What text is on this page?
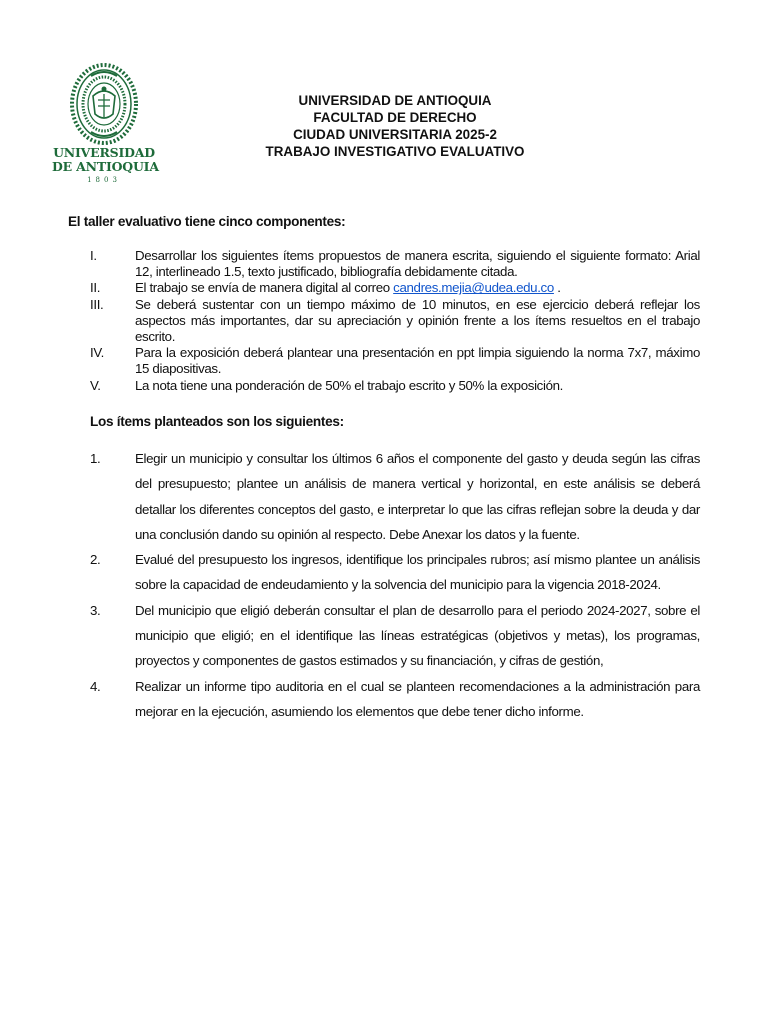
UNIVERSIDAD
DE ANTIOQUIA
1803
UNIVERSIDAD DE ANTIOQUIA
FACULTAD DE DERECHO
CIUDAD UNIVERSITARIA 2025-2
TRABAJO INVESTIGATIVO EVALUATIVO
El taller evaluativo tiene cinco componentes:
I.	Desarrollar los siguientes ítems propuestos de manera escrita, siguiendo el siguiente formato: Arial 12, interlineado 1.5, texto justificado, bibliografía debidamente citada.
II.	El trabajo se envía de manera digital al correo candres.mejia@udea.edu.co .
III.	Se deberá sustentar con un tiempo máximo de 10 minutos, en ese ejercicio deberá reflejar los aspectos más importantes, dar su apreciación y opinión frente a los ítems resueltos en el trabajo escrito.
IV.	Para la exposición deberá plantear una presentación en ppt limpia siguiendo la norma 7x7, máximo 15 diapositivas.
V.	La nota tiene una ponderación de 50% el trabajo escrito y 50% la exposición.
Los ítems planteados son los siguientes:
1.	Elegir un municipio y consultar los últimos 6 años el componente del gasto y deuda según las cifras del presupuesto; plantee un análisis de manera vertical y horizontal, en este análisis se deberá detallar los diferentes conceptos del gasto, e interpretar lo que las cifras reflejan sobre la deuda y dar una conclusión dando su opinión al respecto. Debe Anexar los datos y la fuente.
2.	Evalué del presupuesto los ingresos, identifique los principales rubros; así mismo plantee un análisis sobre la capacidad de endeudamiento y la solvencia del municipio para la vigencia 2018-2024.
3.	Del municipio que eligió deberán consultar el plan de desarrollo para el periodo 2024-2027, sobre el municipio que eligió; en el identifique las líneas estratégicas (objetivos y metas), los programas, proyectos y componentes de gastos estimados y su financiación, y cifras de gestión,
4.	Realizar un informe tipo auditoria en el cual se planteen recomendaciones a la administración para mejorar en la ejecución, asumiendo los elementos que debe tener dicho informe.
